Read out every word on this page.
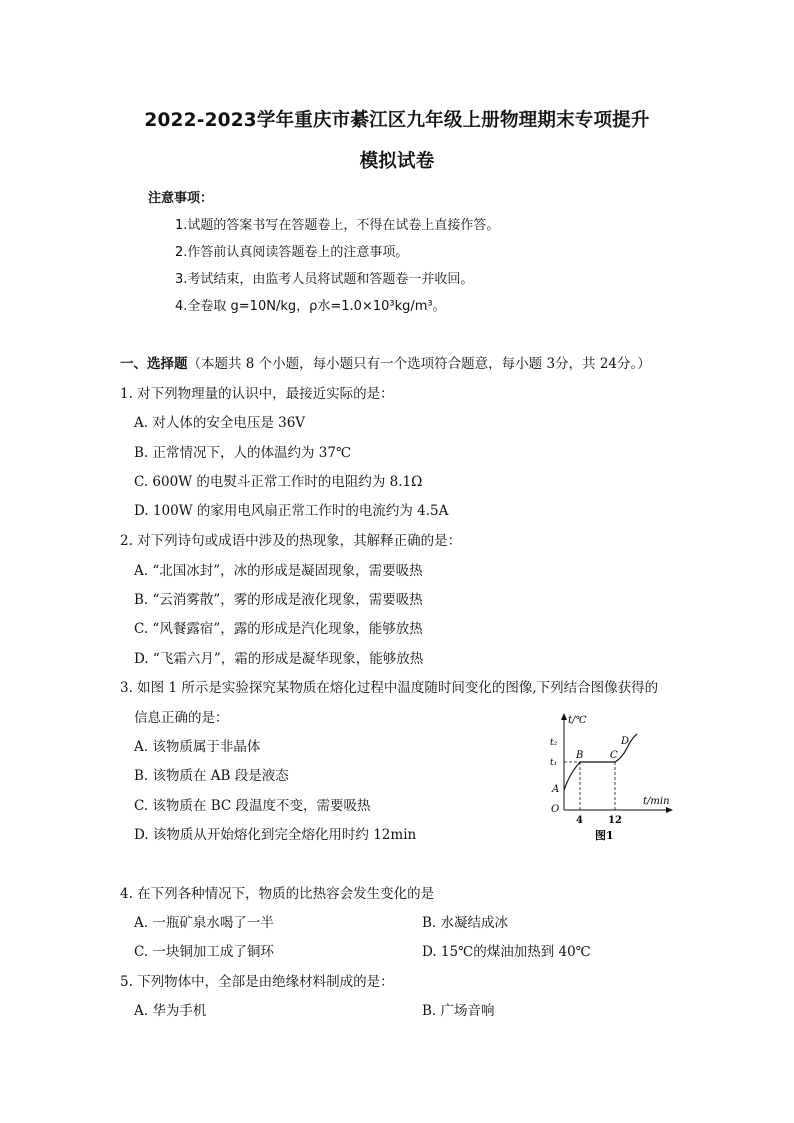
2022-2023学年重庆市綦江区九年级上册物理期末专项提升
模拟试卷
注意事项：
1.试题的答案书写在答题卷上，不得在试卷上直接作答。
2.作答前认真阅读答题卷上的注意事项。
3.考试结束，由监考人员将试题和答题卷一并收回。
4.全卷取 g=10N/kg，ρ水=1.0×10³kg/m³。
一、选择题（本题共 8 个小题，每小题只有一个选项符合题意，每小题 3分，共 24分。）
1. 对下列物理量的认识中，最接近实际的是：
A. 对人体的安全电压是 36V
B. 正常情况下，人的体温约为 37℃
C. 600W 的电熨斗正常工作时的电阻约为 8.1Ω
D. 100W 的家用电风扇正常工作时的电流约为 4.5A
2. 对下列诗句或成语中涉及的热现象，其解释正确的是：
A. “北国冰封”，冰的形成是凝固现象，需要吸热
B. “云消雾散”，雾的形成是液化现象，需要吸热
C. “风餐露宿”，露的形成是汽化现象，能够放热
D. “飞霜六月”，霜的形成是凝华现象，能够放热
3. 如图 1 所示是实验探究某物质在熔化过程中温度随时间变化的图像,下列结合图像获得的
信息正确的是：
A. 该物质属于非晶体
B. 该物质在 AB 段是液态
C. 该物质在 BC 段温度不变，需要吸热
D. 该物质从开始熔化到完全熔化用时约 12min
t/℃
t/min
t₂
t₁
A
B	C
D
O
4	12
图1
4. 在下列各种情况下，物质的比热容会发生变化的是
A. 一瓶矿泉水喝了一半	B. 水凝结成冰
C. 一块铜加工成了铜环	D. 15℃的煤油加热到 40℃
5. 下列物体中，全部是由绝缘材料制成的是：
A. 华为手机	B. 广场音响
